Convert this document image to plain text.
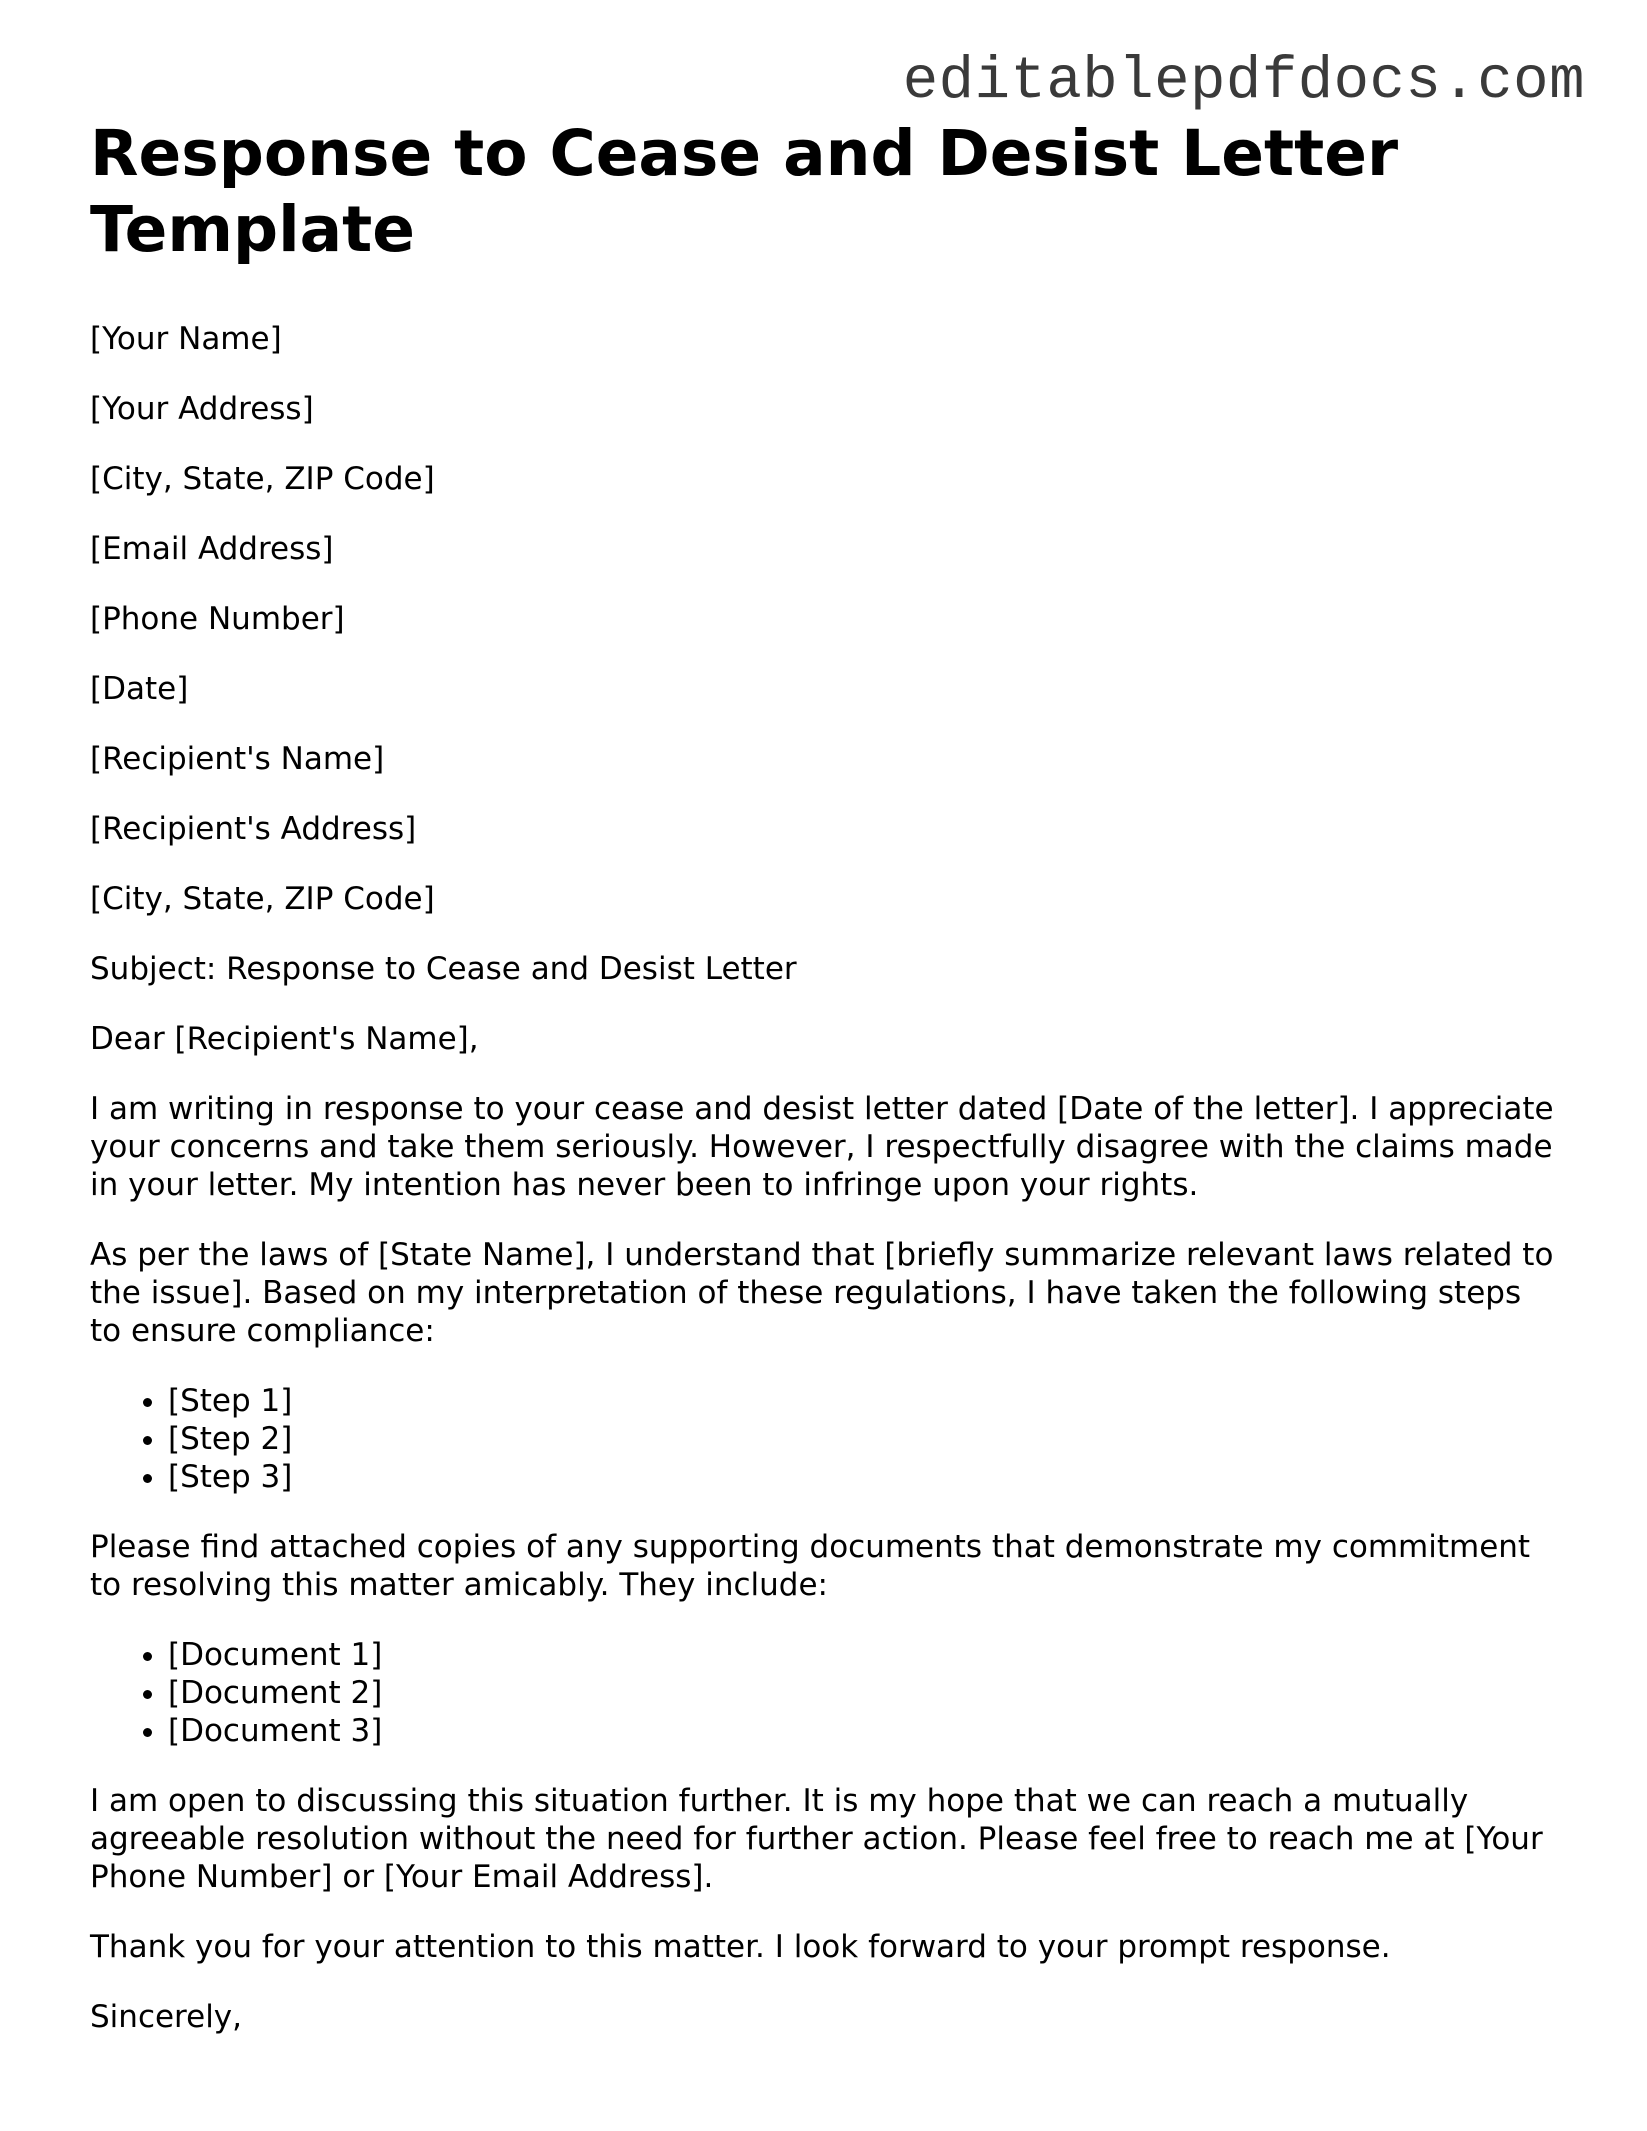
editablepdfdocs.com
Response to Cease and Desist Letter Template

[Your Name]

[Your Address]

[City, State, ZIP Code]

[Email Address]

[Phone Number]

[Date]

[Recipient's Name]

[Recipient's Address]

[City, State, ZIP Code]

Subject: Response to Cease and Desist Letter

Dear [Recipient's Name],

I am writing in response to your cease and desist letter dated [Date of the letter]. I appreciate your concerns and take them seriously. However, I respectfully disagree with the claims made in your letter. My intention has never been to infringe upon your rights.

As per the laws of [State Name], I understand that [briefly summarize relevant laws related to the issue]. Based on my interpretation of these regulations, I have taken the following steps to ensure compliance:

• [Step 1]
• [Step 2]
• [Step 3]

Please find attached copies of any supporting documents that demonstrate my commitment to resolving this matter amicably. They include:

• [Document 1]
• [Document 2]
• [Document 3]

I am open to discussing this situation further. It is my hope that we can reach a mutually agreeable resolution without the need for further action. Please feel free to reach me at [Your Phone Number] or [Your Email Address].

Thank you for your attention to this matter. I look forward to your prompt response.

Sincerely,
